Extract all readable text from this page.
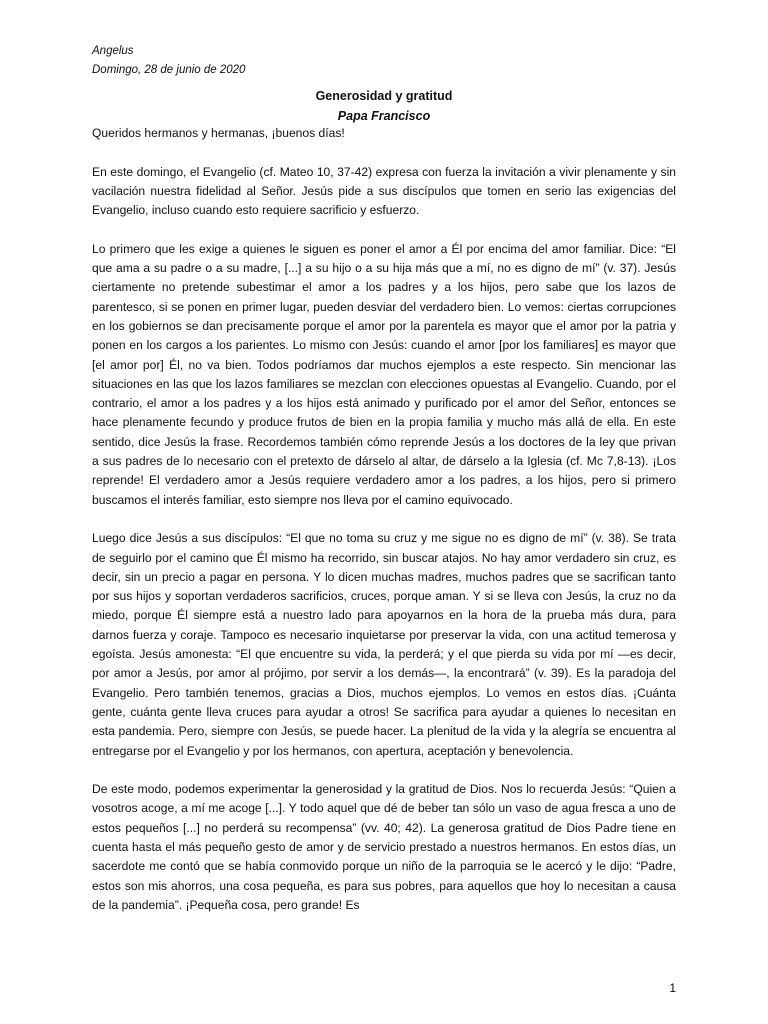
Angelus
Domingo, 28 de junio de 2020
Generosidad y gratitud
Papa Francisco

Queridos hermanos y hermanas, ¡buenos días!

En este domingo, el Evangelio (cf. Mateo 10, 37-42) expresa con fuerza la invitación a vivir plenamente y sin vacilación nuestra fidelidad al Señor. Jesús pide a sus discípulos que tomen en serio las exigencias del Evangelio, incluso cuando esto requiere sacrificio y esfuerzo.

Lo primero que les exige a quienes le siguen es poner el amor a Él por encima del amor familiar. Dice: “El que ama a su padre o a su madre, [...] a su hijo o a su hija más que a mí, no es digno de mí” (v. 37). Jesús ciertamente no pretende subestimar el amor a los padres y a los hijos, pero sabe que los lazos de parentesco, si se ponen en primer lugar, pueden desviar del verdadero bien. Lo vemos: ciertas corrupciones en los gobiernos se dan precisamente porque el amor por la parentela es mayor que el amor por la patria y ponen en los cargos a los parientes. Lo mismo con Jesús: cuando el amor [por los familiares] es mayor que [el amor por] Él, no va bien. Todos podríamos dar muchos ejemplos a este respecto. Sin mencionar las situaciones en las que los lazos familiares se mezclan con elecciones opuestas al Evangelio. Cuando, por el contrario, el amor a los padres y a los hijos está animado y purificado por el amor del Señor, entonces se hace plenamente fecundo y produce frutos de bien en la propia familia y mucho más allá de ella. En este sentido, dice Jesús la frase. Recordemos también cómo reprende Jesús a los doctores de la ley que privan a sus padres de lo necesario con el pretexto de dárselo al altar, de dárselo a la Iglesia (cf. Mc 7,8-13). ¡Los reprende! El verdadero amor a Jesús requiere verdadero amor a los padres, a los hijos, pero si primero buscamos el interés familiar, esto siempre nos lleva por el camino equivocado.

Luego dice Jesús a sus discípulos: “El que no toma su cruz y me sigue no es digno de mí” (v. 38). Se trata de seguirlo por el camino que Él mismo ha recorrido, sin buscar atajos. No hay amor verdadero sin cruz, es decir, sin un precio a pagar en persona. Y lo dicen muchas madres, muchos padres que se sacrifican tanto por sus hijos y soportan verdaderos sacrificios, cruces, porque aman. Y si se lleva con Jesús, la cruz no da miedo, porque Él siempre está a nuestro lado para apoyarnos en la hora de la prueba más dura, para darnos fuerza y coraje. Tampoco es necesario inquietarse por preservar la vida, con una actitud temerosa y egoísta. Jesús amonesta: “El que encuentre su vida, la perderá; y el que pierda su vida por mí —es decir, por amor a Jesús, por amor al prójimo, por servir a los demás—, la encontrará” (v. 39). Es la paradoja del Evangelio. Pero también tenemos, gracias a Dios, muchos ejemplos. Lo vemos en estos días. ¡Cuánta gente, cuánta gente lleva cruces para ayudar a otros! Se sacrifica para ayudar a quienes lo necesitan en esta pandemia. Pero, siempre con Jesús, se puede hacer. La plenitud de la vida y la alegría se encuentra al entregarse por el Evangelio y por los hermanos, con apertura, aceptación y benevolencia.

De este modo, podemos experimentar la generosidad y la gratitud de Dios. Nos lo recuerda Jesús: “Quien a vosotros acoge, a mí me acoge [...]. Y todo aquel que dé de beber tan sólo un vaso de agua fresca a uno de estos pequeños [...] no perderá su recompensa” (vv. 40; 42). La generosa gratitud de Dios Padre tiene en cuenta hasta el más pequeño gesto de amor y de servicio prestado a nuestros hermanos. En estos días, un sacerdote me contó que se había conmovido porque un niño de la parroquia se le acercó y le dijo: “Padre, estos son mis ahorros, una cosa pequeña, es para sus pobres, para aquellos que hoy lo necesitan a causa de la pandemia”. ¡Pequeña cosa, pero grande! Es

1
